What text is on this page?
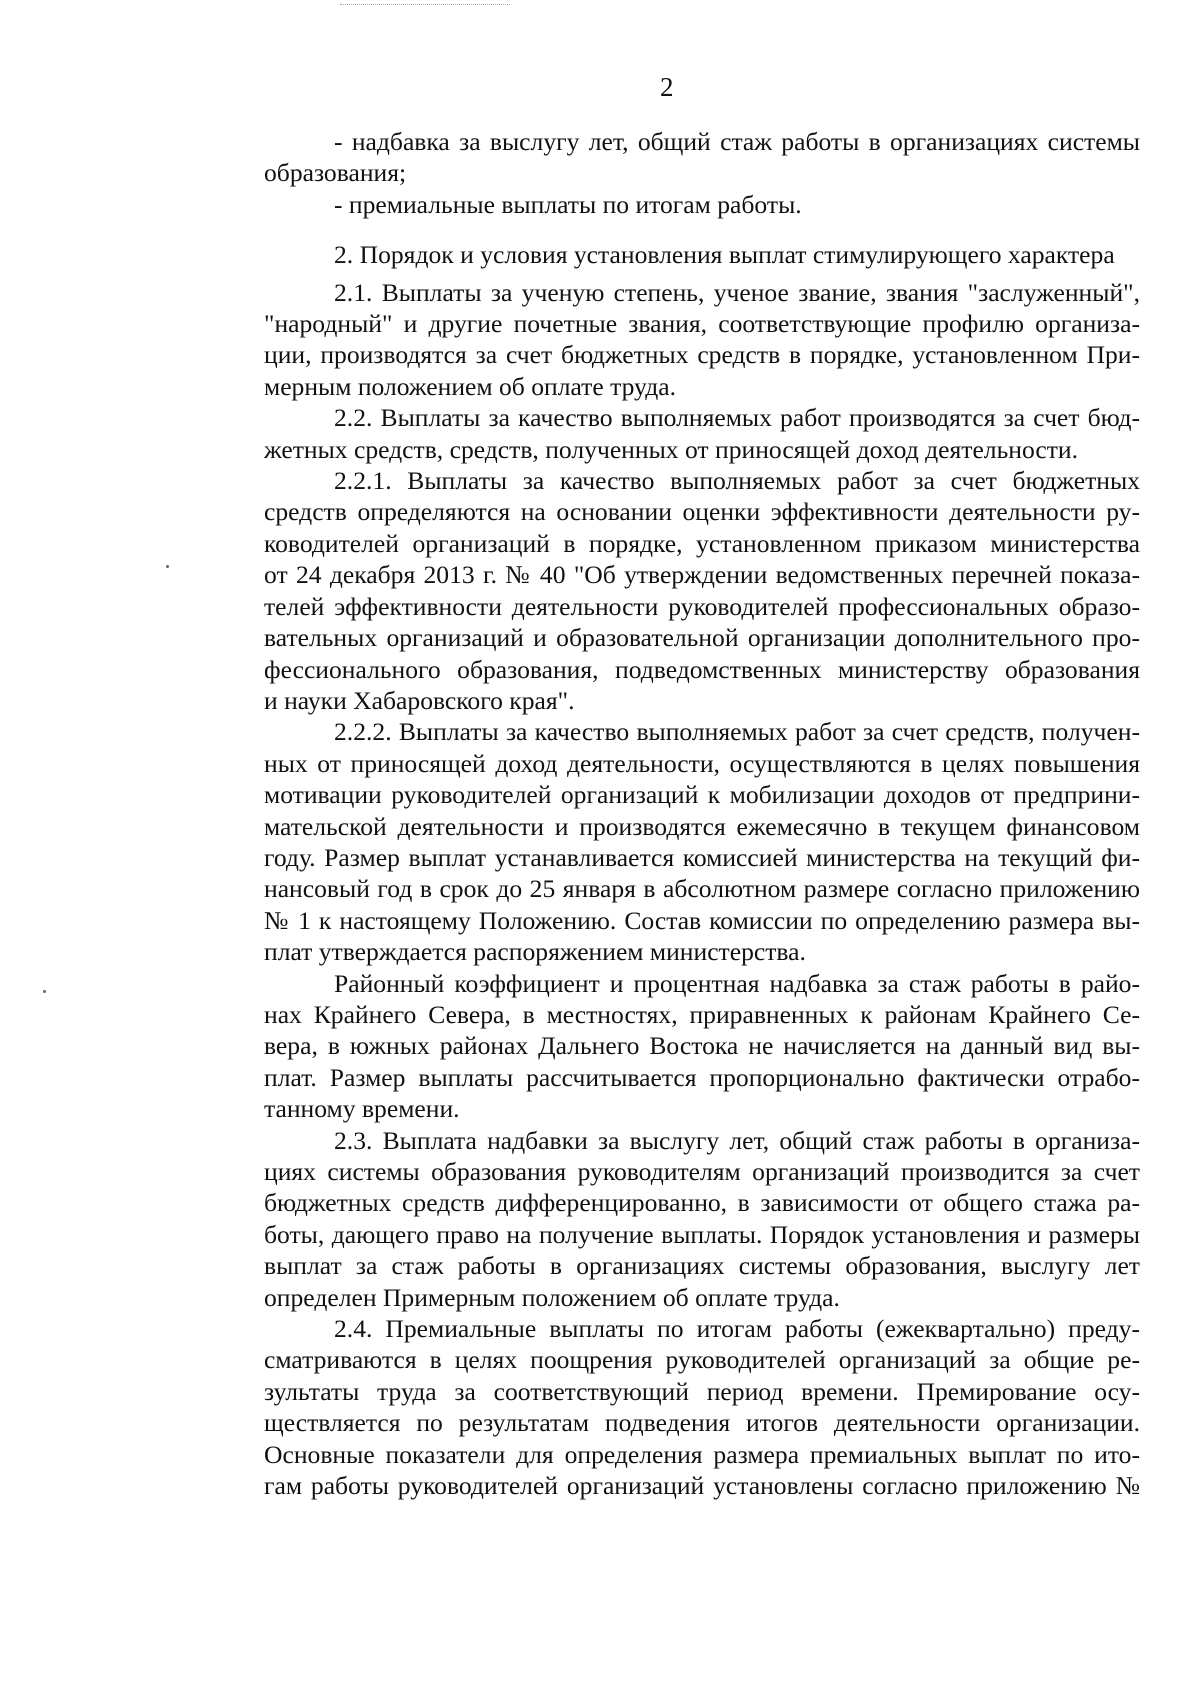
2
- надбавка за выслугу лет, общий стаж работы в организациях системы
образования;
- премиальные выплаты по итогам работы.
2. Порядок и условия установления выплат стимулирующего характера
2.1. Выплаты за ученую степень, ученое звание, звания "заслуженный",
"народный" и другие почетные звания, соответствующие профилю организа-
ции, производятся за счет бюджетных средств в порядке, установленном При-
мерным положением об оплате труда.
2.2. Выплаты за качество выполняемых работ производятся за счет бюд-
жетных средств, средств, полученных от приносящей доход деятельности.
2.2.1. Выплаты за качество выполняемых работ за счет бюджетных
средств определяются на основании оценки эффективности деятельности ру-
ководителей организаций в порядке, установленном приказом министерства
от 24 декабря 2013 г. № 40 "Об утверждении ведомственных перечней показа-
телей эффективности деятельности руководителей профессиональных образо-
вательных организаций и образовательной организации дополнительного про-
фессионального образования, подведомственных министерству образования
и науки Хабаровского края".
2.2.2. Выплаты за качество выполняемых работ за счет средств, получен-
ных от приносящей доход деятельности, осуществляются в целях повышения
мотивации руководителей организаций к мобилизации доходов от предприни-
мательской деятельности и производятся ежемесячно в текущем финансовом
году. Размер выплат устанавливается комиссией министерства на текущий фи-
нансовый год в срок до 25 января в абсолютном размере согласно приложению
№ 1 к настоящему Положению. Состав комиссии по определению размера вы-
плат утверждается распоряжением министерства.
Районный коэффициент и процентная надбавка за стаж работы в райо-
нах Крайнего Севера, в местностях, приравненных к районам Крайнего Се-
вера, в южных районах Дальнего Востока не начисляется на данный вид вы-
плат. Размер выплаты рассчитывается пропорционально фактически отрабо-
танному времени.
2.3. Выплата надбавки за выслугу лет, общий стаж работы в организа-
циях системы образования руководителям организаций производится за счет
бюджетных средств дифференцированно, в зависимости от общего стажа ра-
боты, дающего право на получение выплаты. Порядок установления и размеры
выплат за стаж работы в организациях системы образования, выслугу лет
определен Примерным положением об оплате труда.
2.4. Премиальные выплаты по итогам работы (ежеквартально) преду-
сматриваются в целях поощрения руководителей организаций за общие ре-
зультаты труда за соответствующий период времени. Премирование осу-
ществляется по результатам подведения итогов деятельности организации.
Основные показатели для определения размера премиальных выплат по ито-
гам работы руководителей организаций установлены согласно приложению №
